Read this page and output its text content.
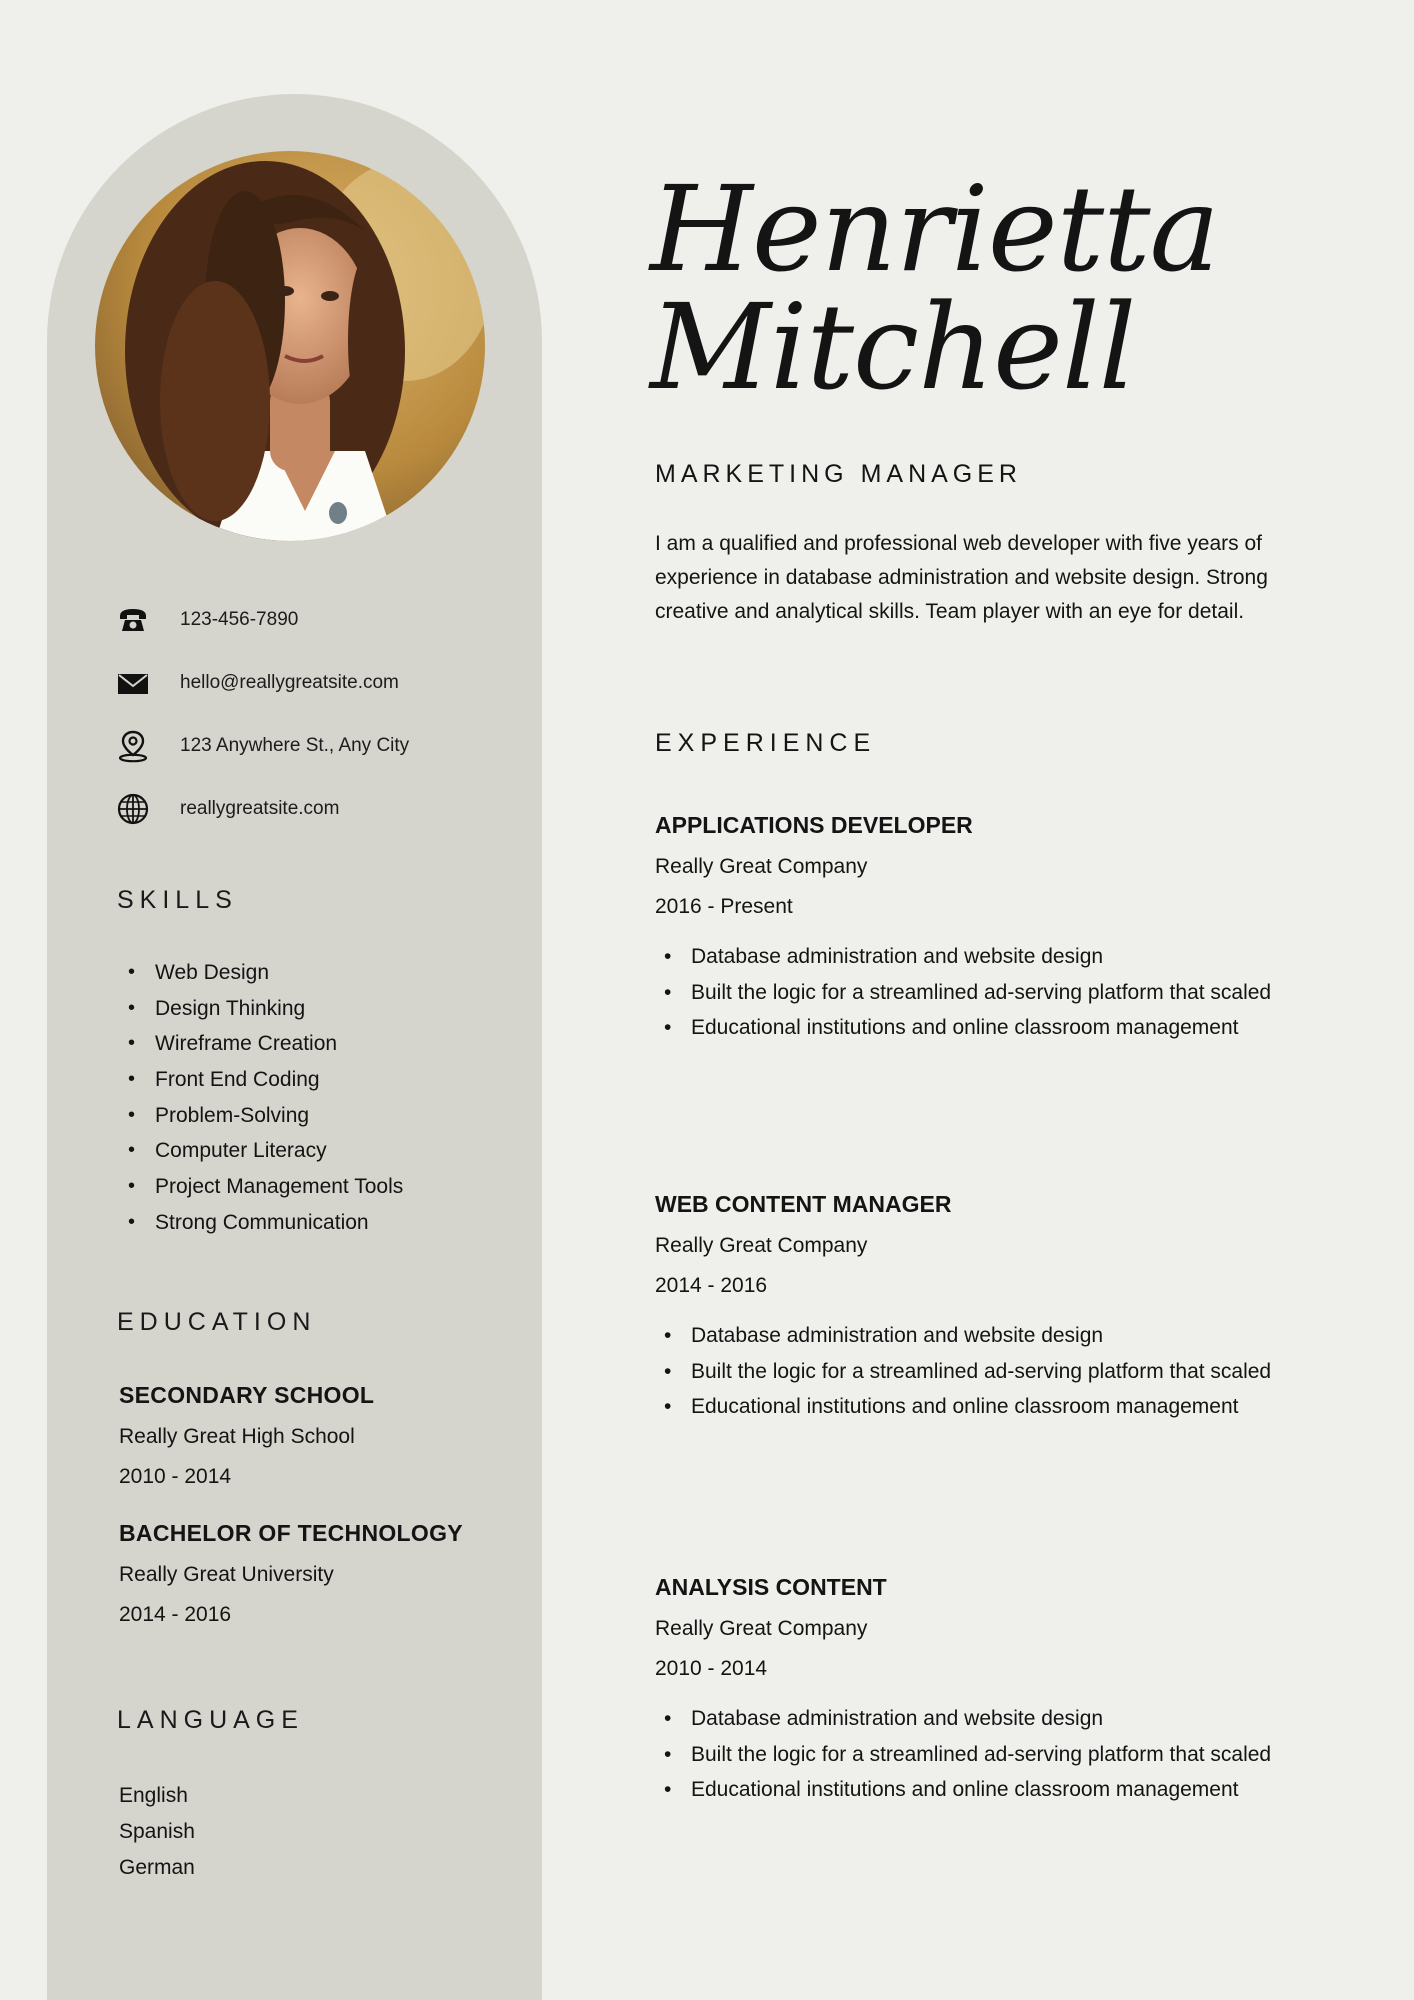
123-456-7890
hello@reallygreatsite.com
123 Anywhere St., Any City
reallygreatsite.com
SKILLS
• Web Design
• Design Thinking
• Wireframe Creation
• Front End Coding
• Problem-Solving
• Computer Literacy
• Project Management Tools
• Strong Communication
EDUCATION
SECONDARY SCHOOL
Really Great High School
2010 - 2014
BACHELOR OF TECHNOLOGY
Really Great University
2014 - 2016
LANGUAGE
English
Spanish
German
Henrietta
Mitchell
MARKETING MANAGER
I am a qualified and professional web developer with five years of experience in database administration and website design. Strong creative and analytical skills. Team player with an eye for detail.
EXPERIENCE
APPLICATIONS DEVELOPER
Really Great Company
2016 - Present
• Database administration and website design
• Built the logic for a streamlined ad-serving platform that scaled
• Educational institutions and online classroom management
WEB CONTENT MANAGER
Really Great Company
2014 - 2016
• Database administration and website design
• Built the logic for a streamlined ad-serving platform that scaled
• Educational institutions and online classroom management
ANALYSIS CONTENT
Really Great Company
2010 - 2014
• Database administration and website design
• Built the logic for a streamlined ad-serving platform that scaled
• Educational institutions and online classroom management
